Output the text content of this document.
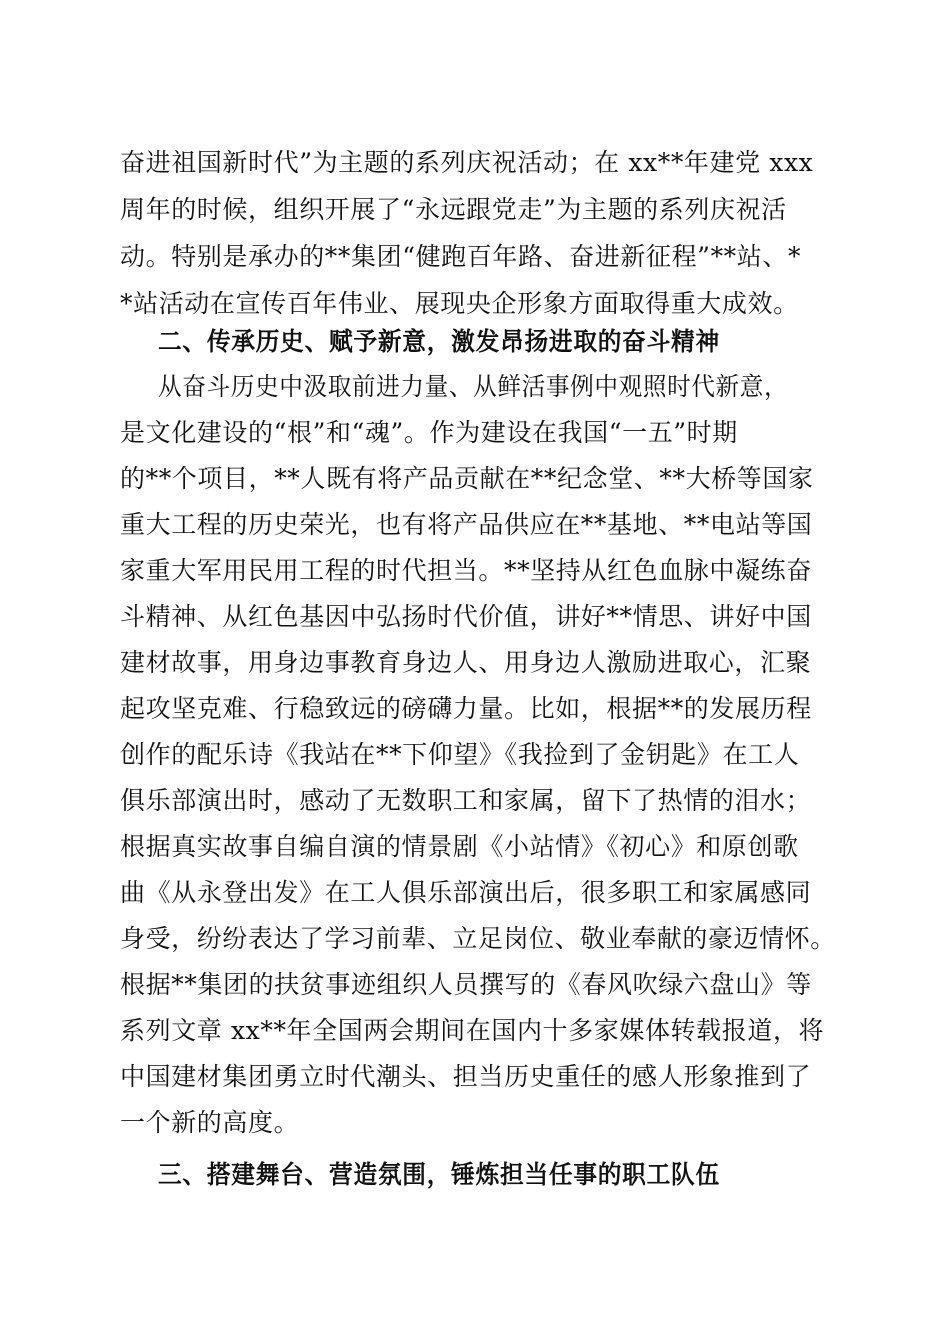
奋进祖国新时代”为主题的系列庆祝活动；在 xx**年建党 xxx
周年的时候，组织开展了“永远跟党走”为主题的系列庆祝活
动。特别是承办的**集团“健跑百年路、奋进新征程”**站、*
*站活动在宣传百年伟业、展现央企形象方面取得重大成效。
二、传承历史、赋予新意，激发昂扬进取的奋斗精神
从奋斗历史中汲取前进力量、从鲜活事例中观照时代新意，
是文化建设的“根”和“魂”。作为建设在我国“一五”时期
的**个项目，**人既有将产品贡献在**纪念堂、**大桥等国家
重大工程的历史荣光，也有将产品供应在**基地、**电站等国
家重大军用民用工程的时代担当。**坚持从红色血脉中凝练奋
斗精神、从红色基因中弘扬时代价值，讲好**情思、讲好中国
建材故事，用身边事教育身边人、用身边人激励进取心，汇聚
起攻坚克难、行稳致远的磅礴力量。比如，根据**的发展历程
创作的配乐诗《我站在**下仰望》《我捡到了金钥匙》在工人
俱乐部演出时，感动了无数职工和家属，留下了热情的泪水；
根据真实故事自编自演的情景剧《小站情》《初心》和原创歌
曲《从永登出发》在工人俱乐部演出后，很多职工和家属感同
身受，纷纷表达了学习前辈、立足岗位、敬业奉献的豪迈情怀。
根据**集团的扶贫事迹组织人员撰写的《春风吹绿六盘山》等
系列文章 xx**年全国两会期间在国内十多家媒体转载报道，将
中国建材集团勇立时代潮头、担当历史重任的感人形象推到了
一个新的高度。
三、搭建舞台、营造氛围，锤炼担当任事的职工队伍
